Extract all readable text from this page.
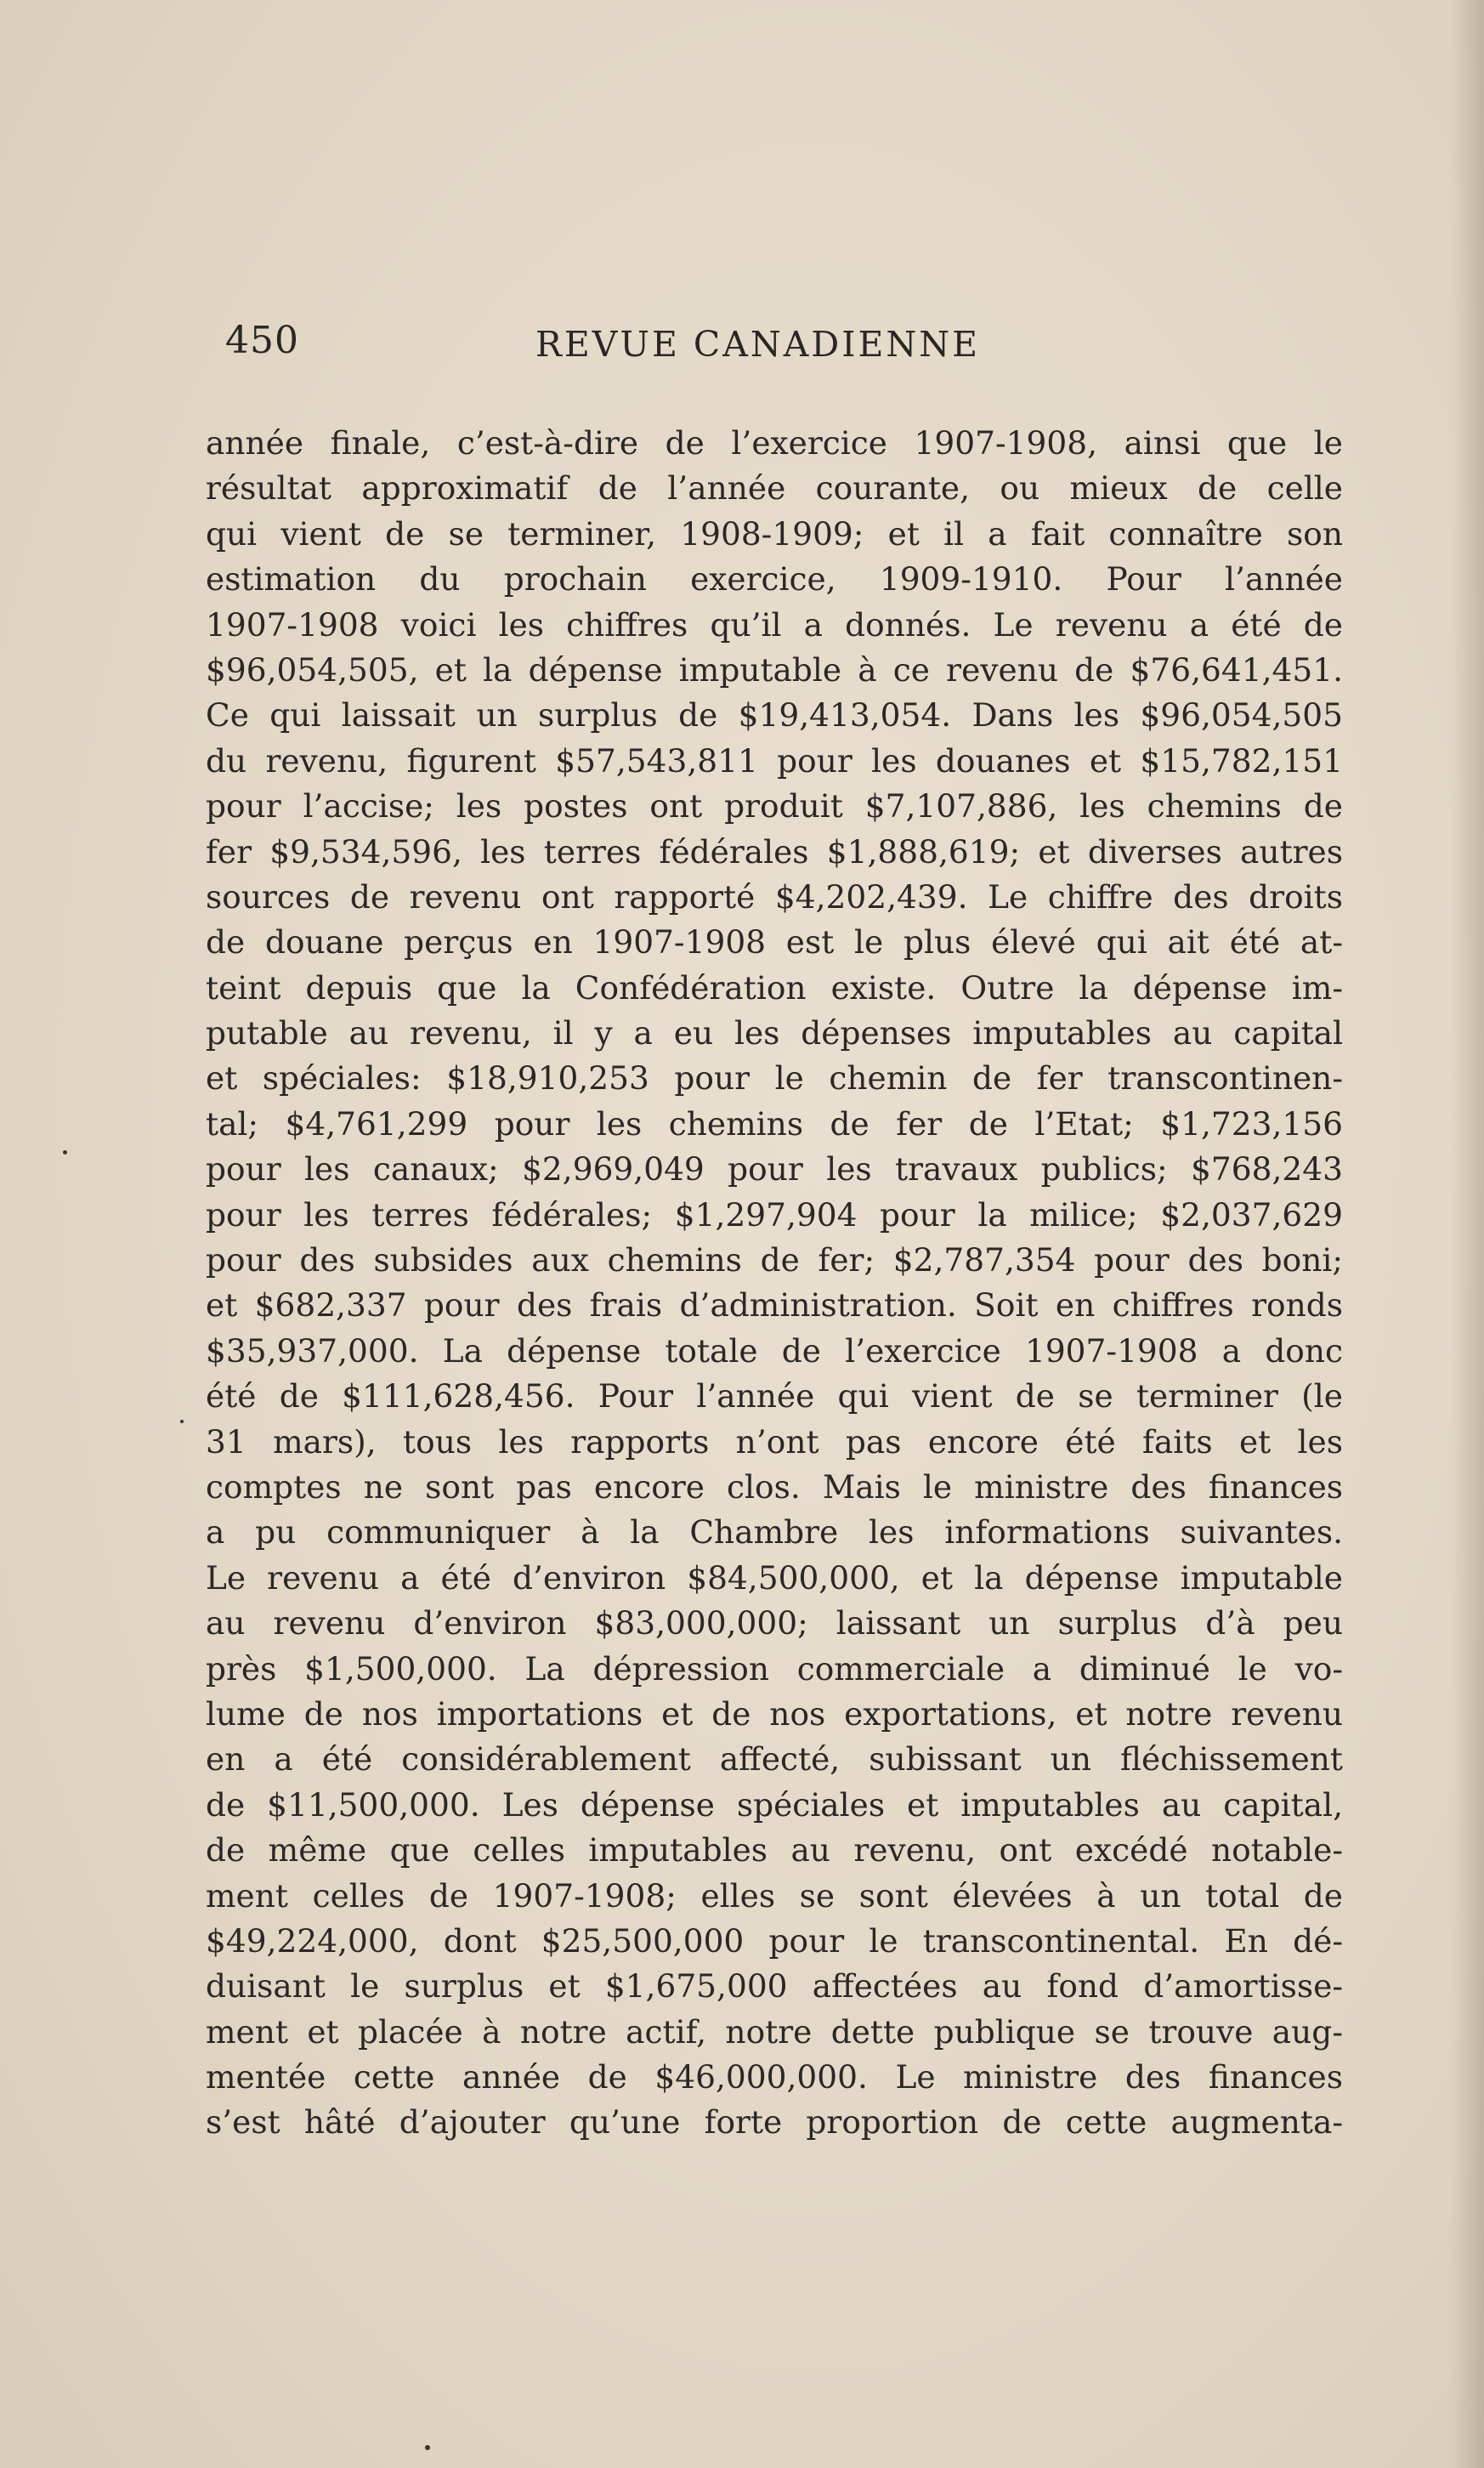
450	REVUE CANADIENNE
année finale, c’est-à-dire de l’exercice 1907-1908, ainsi que le
résultat approximatif de l’année courante, ou mieux de celle
qui vient de se terminer, 1908-1909; et il a fait connaître son
estimation du prochain exercice, 1909-1910. Pour l’année
1907-1908 voici les chiffres qu’il a donnés. Le revenu a été de
$96,054,505, et la dépense imputable à ce revenu de $76,641,451.
Ce qui laissait un surplus de $19,413,054. Dans les $96,054,505
du revenu, figurent $57,543,811 pour les douanes et $15,782,151
pour l’accise; les postes ont produit $7,107,886, les chemins de
fer $9,534,596, les terres fédérales $1,888,619; et diverses autres
sources de revenu ont rapporté $4,202,439. Le chiffre des droits
de douane perçus en 1907-1908 est le plus élevé qui ait été at-
teint depuis que la Confédération existe. Outre la dépense im-
putable au revenu, il y a eu les dépenses imputables au capital
et spéciales: $18,910,253 pour le chemin de fer transcontinen-
tal; $4,761,299 pour les chemins de fer de l’Etat; $1,723,156
pour les canaux; $2,969,049 pour les travaux publics; $768,243
pour les terres fédérales; $1,297,904 pour la milice; $2,037,629
pour des subsides aux chemins de fer; $2,787,354 pour des boni;
et $682,337 pour des frais d’administration. Soit en chiffres ronds
$35,937,000. La dépense totale de l’exercice 1907-1908 a donc
été de $111,628,456. Pour l’année qui vient de se terminer (le
31 mars), tous les rapports n’ont pas encore été faits et les
comptes ne sont pas encore clos. Mais le ministre des finances
a pu communiquer à la Chambre les informations suivantes.
Le revenu a été d’environ $84,500,000, et la dépense imputable
au revenu d’environ $83,000,000; laissant un surplus d’à peu
près $1,500,000. La dépression commerciale a diminué le vo-
lume de nos importations et de nos exportations, et notre revenu
en a été considérablement affecté, subissant un fléchissement
de $11,500,000. Les dépense spéciales et imputables au capital,
de même que celles imputables au revenu, ont excédé notable-
ment celles de 1907-1908; elles se sont élevées à un total de
$49,224,000, dont $25,500,000 pour le transcontinental. En dé-
duisant le surplus et $1,675,000 affectées au fond d’amortisse-
ment et placée à notre actif, notre dette publique se trouve aug-
mentée cette année de $46,000,000. Le ministre des finances
s’est hâté d’ajouter qu’une forte proportion de cette augmenta-
